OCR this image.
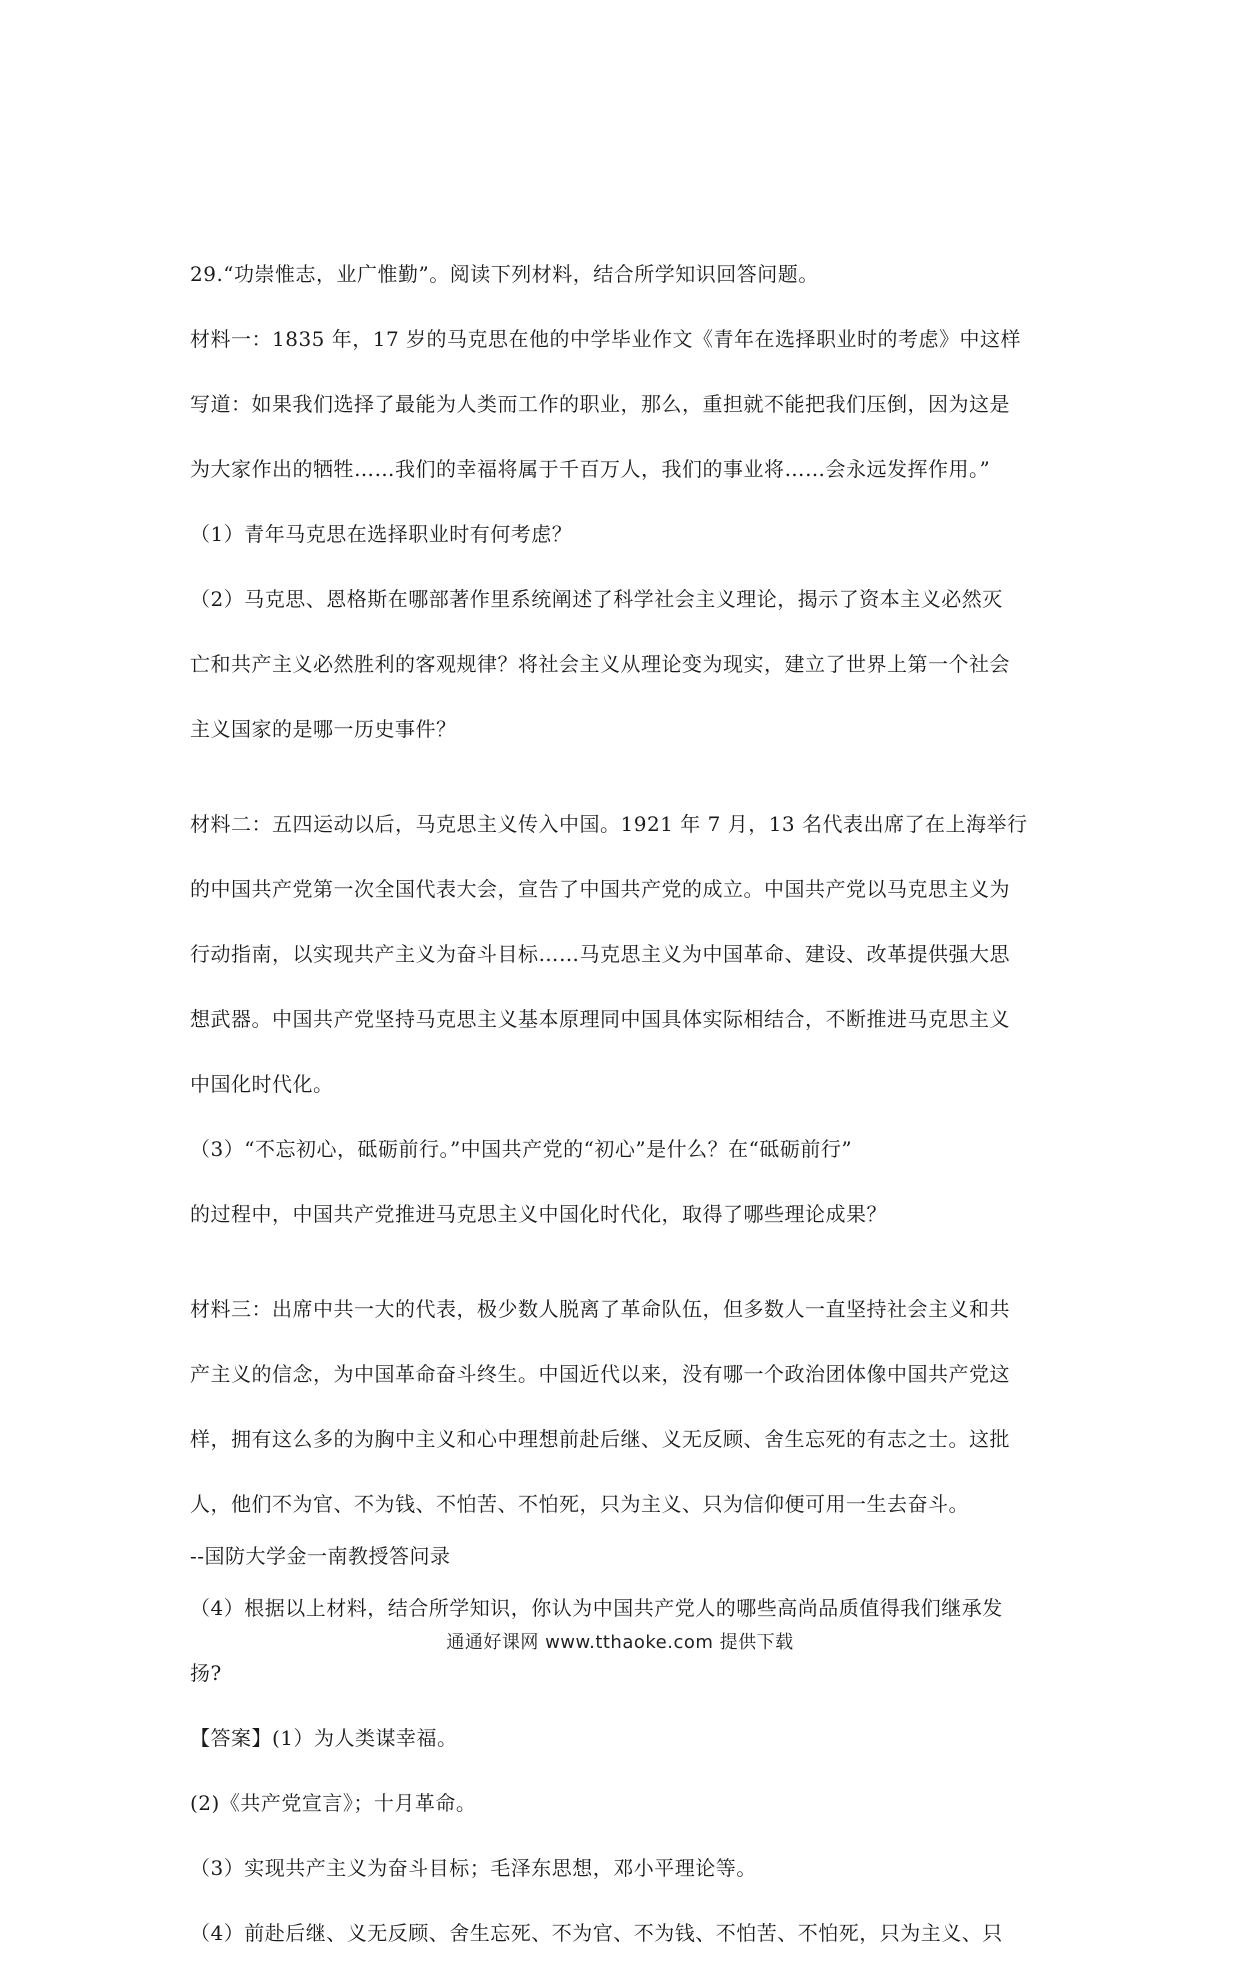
29.“功崇惟志，业广惟勤”。阅读下列材料，结合所学知识回答问题。
材料一：1835 年，17 岁的马克思在他的中学毕业作文《青年在选择职业时的考虑》中这样
写道：如果我们选择了最能为人类而工作的职业，那么，重担就不能把我们压倒，因为这是
为大家作出的牺牲……我们的幸福将属于千百万人，我们的事业将……会永远发挥作用。”
（1）青年马克思在选择职业时有何考虑？
（2）马克思、恩格斯在哪部著作里系统阐述了科学社会主义理论，揭示了资本主义必然灭
亡和共产主义必然胜利的客观规律？将社会主义从理论变为现实，建立了世界上第一个社会
主义国家的是哪一历史事件？
材料二：五四运动以后，马克思主义传入中国。1921 年 7 月，13 名代表出席了在上海举行
的中国共产党第一次全国代表大会，宣告了中国共产党的成立。中国共产党以马克思主义为
行动指南，以实现共产主义为奋斗目标……马克思主义为中国革命、建设、改革提供强大思
想武器。中国共产党坚持马克思主义基本原理同中国具体实际相结合，不断推进马克思主义
中国化时代化。
（3）“不忘初心，砥砺前行。”中国共产党的“初心”是什么？在“砥砺前行”
的过程中，中国共产党推进马克思主义中国化时代化，取得了哪些理论成果？
材料三：出席中共一大的代表，极少数人脱离了革命队伍，但多数人一直坚持社会主义和共
产主义的信念，为中国革命奋斗终生。中国近代以来，没有哪一个政治团体像中国共产党这
样，拥有这么多的为胸中主义和心中理想前赴后继、义无反顾、舍生忘死的有志之士。这批
人，他们不为官、不为钱、不怕苦、不怕死，只为主义、只为信仰便可用一生去奋斗。
--国防大学金一南教授答问录
（4）根据以上材料，结合所学知识，你认为中国共产党人的哪些高尚品质值得我们继承发
扬?
【答案】(1）为人类谋幸福。
(2)《共产党宣言》；十月革命。
（3）实现共产主义为奋斗目标；毛泽东思想，邓小平理论等。
（4）前赴后继、义无反顾、舍生忘死、不为官、不为钱、不怕苦、不怕死，只为主义、只
通通好课网 www.tthaoke.com 提供下载
